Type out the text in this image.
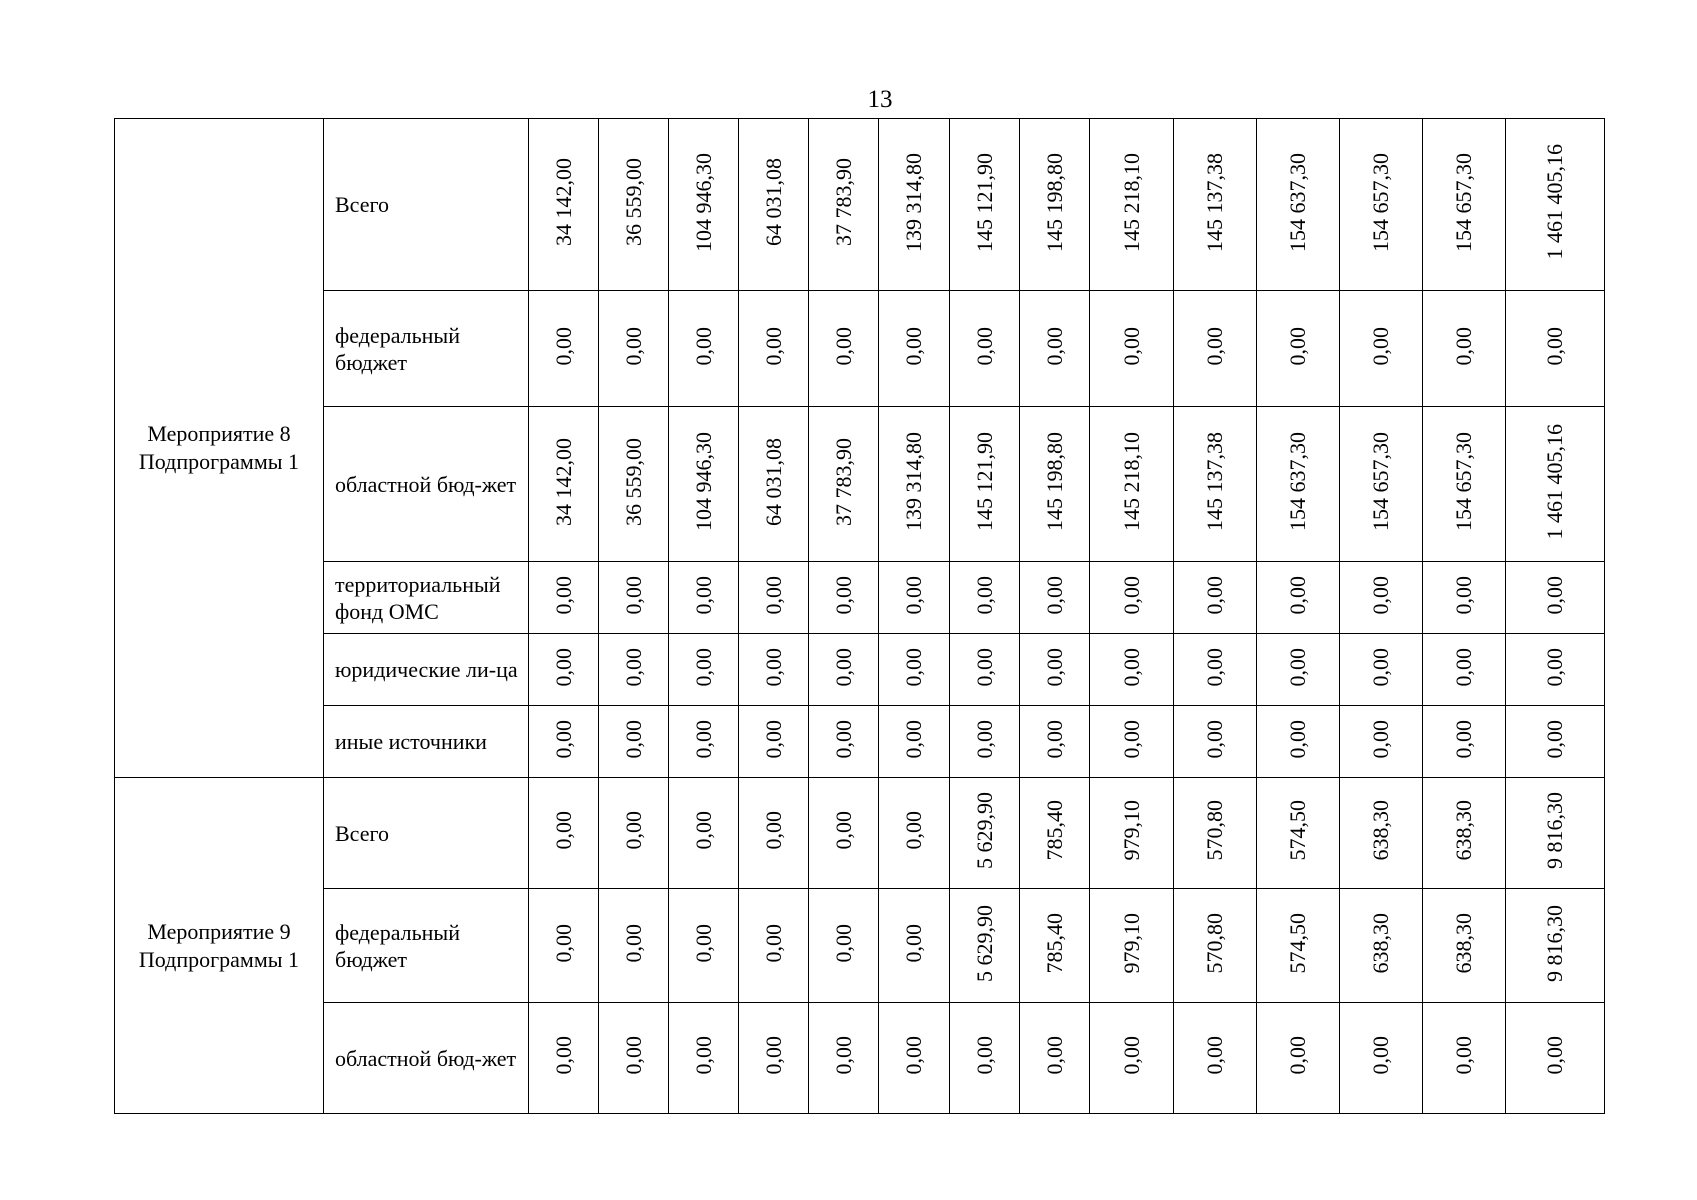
13
Мероприятие 8
Подпрограммы 1	Всего	34 142,00	36 559,00	104 946,30	64 031,08	37 783,90	139 314,80	145 121,90	145 198,80	145 218,10	145 137,38	154 637,30	154 657,30	154 657,30	1 461 405,16
	федеральный бюджет	0,00	0,00	0,00	0,00	0,00	0,00	0,00	0,00	0,00	0,00	0,00	0,00	0,00	0,00
	областной бюд-жет	34 142,00	36 559,00	104 946,30	64 031,08	37 783,90	139 314,80	145 121,90	145 198,80	145 218,10	145 137,38	154 637,30	154 657,30	154 657,30	1 461 405,16
	территориальный фонд ОМС	0,00	0,00	0,00	0,00	0,00	0,00	0,00	0,00	0,00	0,00	0,00	0,00	0,00	0,00
	юридические ли-ца	0,00	0,00	0,00	0,00	0,00	0,00	0,00	0,00	0,00	0,00	0,00	0,00	0,00	0,00
	иные источники	0,00	0,00	0,00	0,00	0,00	0,00	0,00	0,00	0,00	0,00	0,00	0,00	0,00	0,00

Мероприятие 9
Подпрограммы 1	Всего	0,00	0,00	0,00	0,00	0,00	0,00	5 629,90	785,40	979,10	570,80	574,50	638,30	638,30	9 816,30
	федеральный бюджет	0,00	0,00	0,00	0,00	0,00	0,00	5 629,90	785,40	979,10	570,80	574,50	638,30	638,30	9 816,30
	областной бюд-жет	0,00	0,00	0,00	0,00	0,00	0,00	0,00	0,00	0,00	0,00	0,00	0,00	0,00	0,00
